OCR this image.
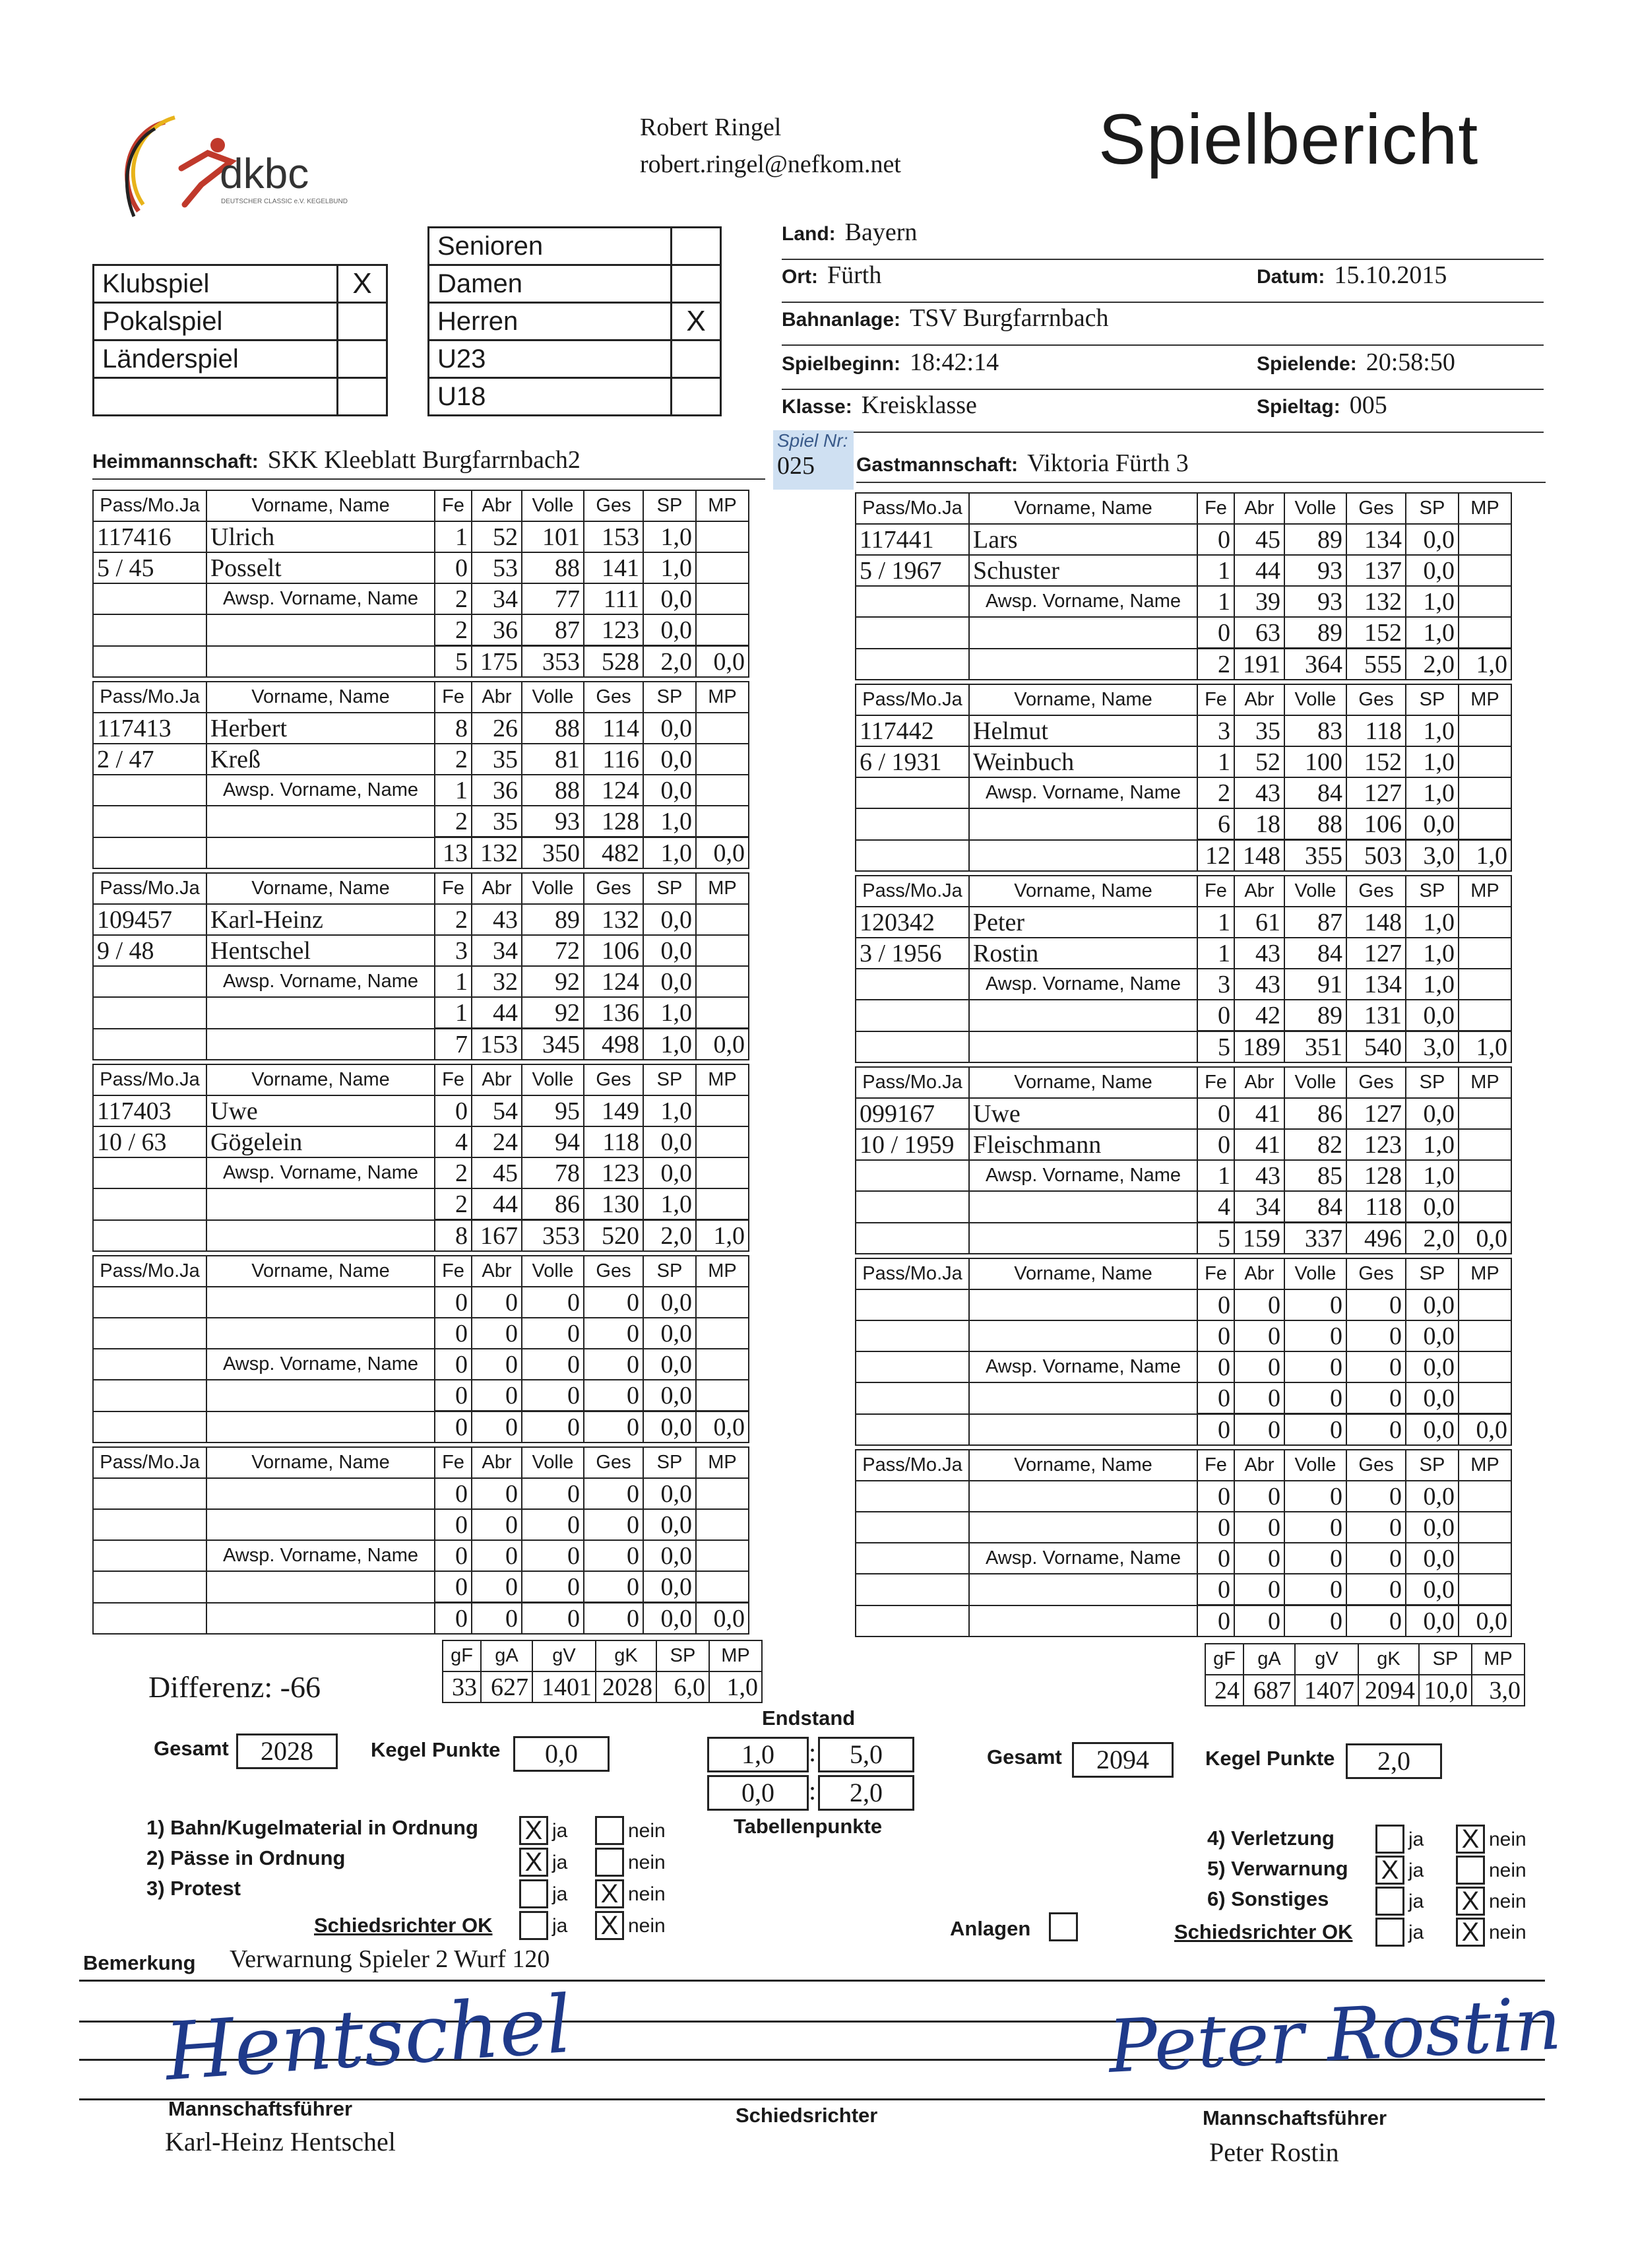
dkbc
DEUTSCHER CLASSIC e.V. KEGELBUND
Robert Ringel
robert.ringel@nefkom.net	Spielbericht
Klubspiel	X
Pokalspiel	
Länderspiel	

Senioren	
Damen	
Herren	X
U23	
U18	
Land: Bayern
Ort: Fürth	Datum: 15.10.2015
Bahnanlage: TSV Burgfarrnbach
Spielbeginn: 18:42:14	Spielende: 20:58:50
Klasse: Kreisklasse	Spieltag: 005
Heimmannschaft: SKK Kleeblatt Burgfarrnbach2
Spiel Nr:
025	Gastmannschaft: Viktoria Fürth 3
Pass/Mo.Ja	Vorname, Name	Fe	Abr	Volle	Ges	SP	MP
117416	Ulrich	1	52	101	153	1,0	
5 / 45	Posselt	0	53	88	141	1,0	
	Awsp. Vorname, Name	2	34	77	111	0,0	
		2	36	87	123	0,0	
		5	175	353	528	2,0	0,0
Pass/Mo.Ja	Vorname, Name	Fe	Abr	Volle	Ges	SP	MP
117413	Herbert	8	26	88	114	0,0	
2 / 47	Kreß	2	35	81	116	0,0	
	Awsp. Vorname, Name	1	36	88	124	0,0	
		2	35	93	128	1,0	
		13	132	350	482	1,0	0,0
Pass/Mo.Ja	Vorname, Name	Fe	Abr	Volle	Ges	SP	MP
109457	Karl-Heinz	2	43	89	132	0,0	
9 / 48	Hentschel	3	34	72	106	0,0	
	Awsp. Vorname, Name	1	32	92	124	0,0	
		1	44	92	136	1,0	
		7	153	345	498	1,0	0,0
Pass/Mo.Ja	Vorname, Name	Fe	Abr	Volle	Ges	SP	MP
117403	Uwe	0	54	95	149	1,0	
10 / 63	Gögelein	4	24	94	118	0,0	
	Awsp. Vorname, Name	2	45	78	123	0,0	
		2	44	86	130	1,0	
		8	167	353	520	2,0	1,0
Pass/Mo.Ja	Vorname, Name	Fe	Abr	Volle	Ges	SP	MP
		0	0	0	0	0,0	
		0	0	0	0	0,0	
	Awsp. Vorname, Name	0	0	0	0	0,0	
		0	0	0	0	0,0	
		0	0	0	0	0,0	0,0
Pass/Mo.Ja	Vorname, Name	Fe	Abr	Volle	Ges	SP	MP
		0	0	0	0	0,0	
		0	0	0	0	0,0	
	Awsp. Vorname, Name	0	0	0	0	0,0	
		0	0	0	0	0,0	
		0	0	0	0	0,0	0,0
Pass/Mo.Ja	Vorname, Name	Fe	Abr	Volle	Ges	SP	MP
117441	Lars	0	45	89	134	0,0	
5 / 1967	Schuster	1	44	93	137	0,0	
	Awsp. Vorname, Name	1	39	93	132	1,0	
		0	63	89	152	1,0	
		2	191	364	555	2,0	1,0
Pass/Mo.Ja	Vorname, Name	Fe	Abr	Volle	Ges	SP	MP
117442	Helmut	3	35	83	118	1,0	
6 / 1931	Weinbuch	1	52	100	152	1,0	
	Awsp. Vorname, Name	2	43	84	127	1,0	
		6	18	88	106	0,0	
		12	148	355	503	3,0	1,0
Pass/Mo.Ja	Vorname, Name	Fe	Abr	Volle	Ges	SP	MP
120342	Peter	1	61	87	148	1,0	
3 / 1956	Rostin	1	43	84	127	1,0	
	Awsp. Vorname, Name	3	43	91	134	1,0	
		0	42	89	131	0,0	
		5	189	351	540	3,0	1,0
Pass/Mo.Ja	Vorname, Name	Fe	Abr	Volle	Ges	SP	MP
099167	Uwe	0	41	86	127	0,0	
10 / 1959	Fleischmann	0	41	82	123	1,0	
	Awsp. Vorname, Name	1	43	85	128	1,0	
		4	34	84	118	0,0	
		5	159	337	496	2,0	0,0
Pass/Mo.Ja	Vorname, Name	Fe	Abr	Volle	Ges	SP	MP
		0	0	0	0	0,0	
		0	0	0	0	0,0	
	Awsp. Vorname, Name	0	0	0	0	0,0	
		0	0	0	0	0,0	
		0	0	0	0	0,0	0,0
Pass/Mo.Ja	Vorname, Name	Fe	Abr	Volle	Ges	SP	MP
		0	0	0	0	0,0	
		0	0	0	0	0,0	
	Awsp. Vorname, Name	0	0	0	0	0,0	
		0	0	0	0	0,0	
		0	0	0	0	0,0	0,0
gF	gA	gV	gK	SP	MP
33	627	1401	2028	6,0	1,0
gF	gA	gV	gK	SP	MP
24	687	1407	2094	10,0	3,0
Differenz: -66
Gesamt	2028	Kegel Punkte	0,0
Endstand
1,0	:	5,0
0,0	:	2,0
Tabellenpunkte
Gesamt	2094	Kegel Punkte	2,0
1) Bahn/Kugelmaterial in Ordnung
2) Pässe in Ordnung
3) Protest
Schiedsrichter OK
X ja	nein
X ja	nein
ja X nein
ja X nein
ja X nein
X ja	nein
ja X nein
ja X nein
4) Verletzung
5) Verwarnung
6) Sonstiges
Schiedsrichter OK
Anlagen
Bemerkung Verwarnung Spieler 2 Wurf 120
Hentschel	Peter Rostin
Mannschaftsführer
Karl-Heinz Hentschel
Schiedsrichter	Mannschaftsführer
Peter Rostin
